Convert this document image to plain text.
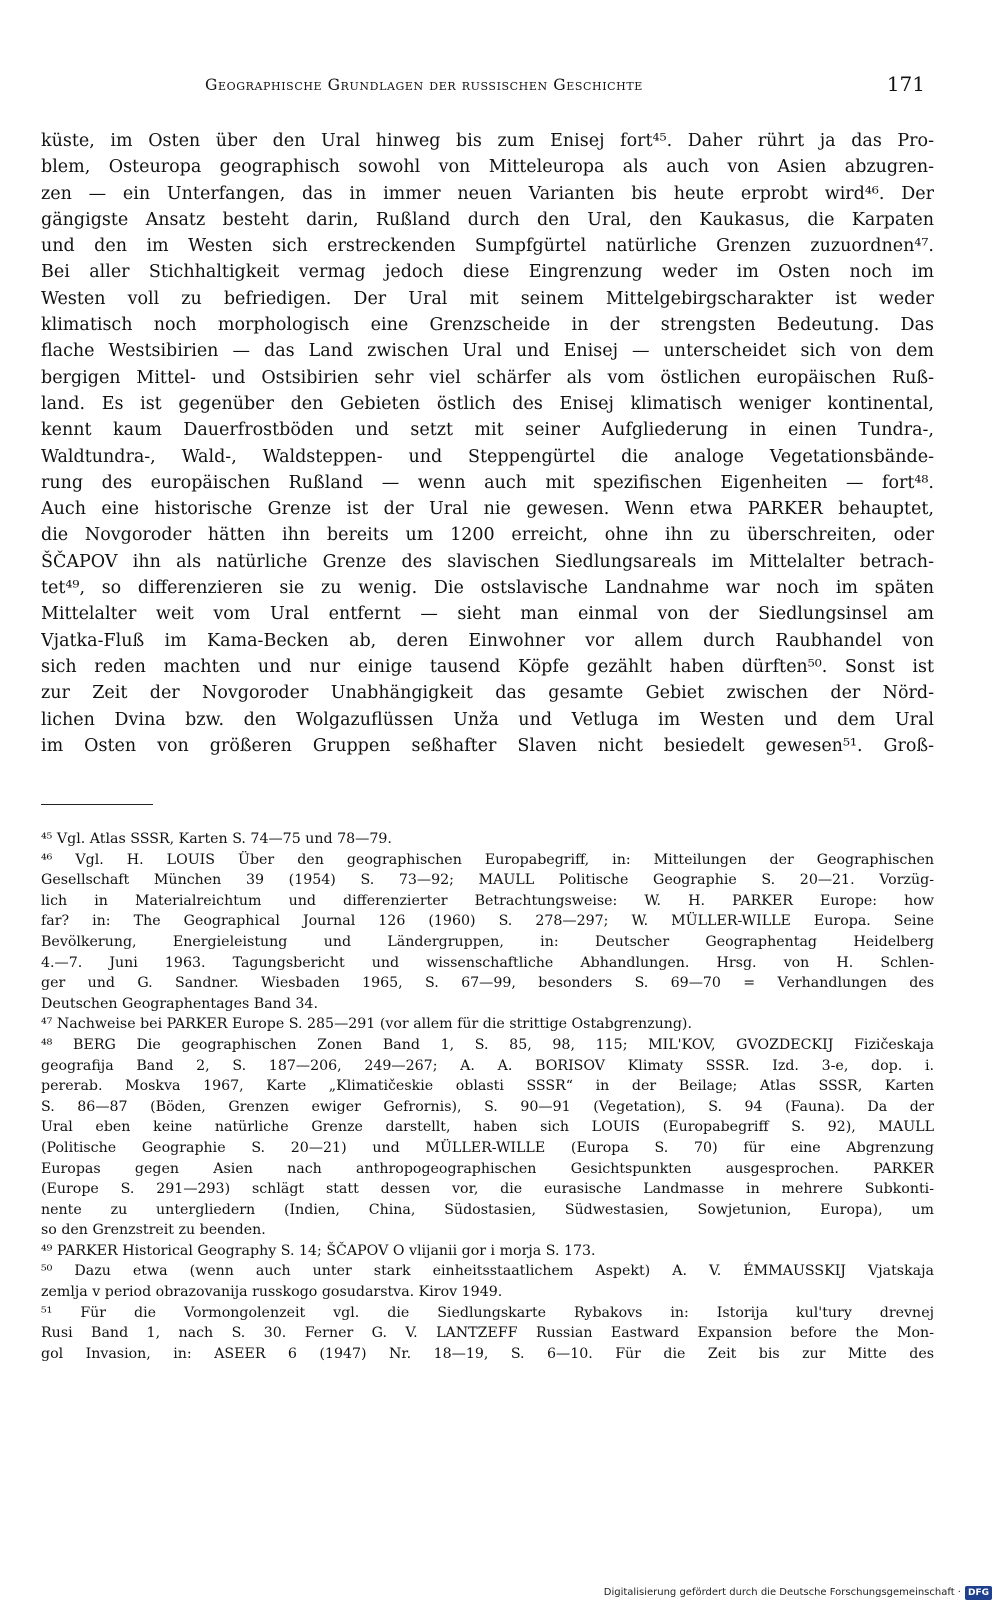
Geographische Grundlagen der russischen Geschichte	171
küste, im Osten über den Ural hinweg bis zum Enisej fort⁴⁵. Daher rührt ja das Pro-
blem, Osteuropa geographisch sowohl von Mitteleuropa als auch von Asien abzugren-
zen — ein Unterfangen, das in immer neuen Varianten bis heute erprobt wird⁴⁶. Der
gängigste Ansatz besteht darin, Rußland durch den Ural, den Kaukasus, die Karpaten
und den im Westen sich erstreckenden Sumpfgürtel natürliche Grenzen zuzuordnen⁴⁷.
Bei aller Stichhaltigkeit vermag jedoch diese Eingrenzung weder im Osten noch im
Westen voll zu befriedigen. Der Ural mit seinem Mittelgebirgscharakter ist weder
klimatisch noch morphologisch eine Grenzscheide in der strengsten Bedeutung. Das
flache Westsibirien — das Land zwischen Ural und Enisej — unterscheidet sich von dem
bergigen Mittel- und Ostsibirien sehr viel schärfer als vom östlichen europäischen Ruß-
land. Es ist gegenüber den Gebieten östlich des Enisej klimatisch weniger kontinental,
kennt kaum Dauerfrostböden und setzt mit seiner Aufgliederung in einen Tundra-,
Waldtundra-, Wald-, Waldsteppen- und Steppengürtel die analoge Vegetationsbände-
rung des europäischen Rußland — wenn auch mit spezifischen Eigenheiten — fort⁴⁸.
Auch eine historische Grenze ist der Ural nie gewesen. Wenn etwa PARKER behauptet,
die Novgoroder hätten ihn bereits um 1200 erreicht, ohne ihn zu überschreiten, oder
ŠČAPOV ihn als natürliche Grenze des slavischen Siedlungsareals im Mittelalter betrach-
tet⁴⁹, so differenzieren sie zu wenig. Die ostslavische Landnahme war noch im späten
Mittelalter weit vom Ural entfernt — sieht man einmal von der Siedlungsinsel am
Vjatka-Fluß im Kama-Becken ab, deren Einwohner vor allem durch Raubhandel von
sich reden machten und nur einige tausend Köpfe gezählt haben dürften⁵⁰. Sonst ist
zur Zeit der Novgoroder Unabhängigkeit das gesamte Gebiet zwischen der Nörd-
lichen Dvina bzw. den Wolgazuflüssen Unža und Vetluga im Westen und dem Ural
im Osten von größeren Gruppen seßhafter Slaven nicht besiedelt gewesen⁵¹. Groß-
⁴⁵ Vgl. Atlas SSSR, Karten S. 74—75 und 78—79.
⁴⁶ Vgl. H. LOUIS Über den geographischen Europabegriff, in: Mitteilungen der Geographischen
Gesellschaft München 39 (1954) S. 73—92; MAULL Politische Geographie S. 20—21. Vorzüg-
lich in Materialreichtum und differenzierter Betrachtungsweise: W. H. PARKER Europe: how
far? in: The Geographical Journal 126 (1960) S. 278—297; W. MÜLLER-WILLE Europa. Seine
Bevölkerung, Energieleistung und Ländergruppen, in: Deutscher Geographentag Heidelberg
4.—7. Juni 1963. Tagungsbericht und wissenschaftliche Abhandlungen. Hrsg. von H. Schlen-
ger und G. Sandner. Wiesbaden 1965, S. 67—99, besonders S. 69—70 = Verhandlungen des
Deutschen Geographentages Band 34.
⁴⁷ Nachweise bei PARKER Europe S. 285—291 (vor allem für die strittige Ostabgrenzung).
⁴⁸ BERG Die geographischen Zonen Band 1, S. 85, 98, 115; MIL'KOV, GVOZDECKIJ Fizičeskaja
geografija Band 2, S. 187—206, 249—267; A. A. BORISOV Klimaty SSSR. Izd. 3-e, dop. i.
pererab. Moskva 1967, Karte „Klimatičeskie oblasti SSSR“ in der Beilage; Atlas SSSR, Karten
S. 86—87 (Böden, Grenzen ewiger Gefrornis), S. 90—91 (Vegetation), S. 94 (Fauna). Da der
Ural eben keine natürliche Grenze darstellt, haben sich LOUIS (Europabegriff S. 92), MAULL
(Politische Geographie S. 20—21) und MÜLLER-WILLE (Europa S. 70) für eine Abgrenzung
Europas gegen Asien nach anthropogeographischen Gesichtspunkten ausgesprochen. PARKER
(Europe S. 291—293) schlägt statt dessen vor, die eurasische Landmasse in mehrere Subkonti-
nente zu untergliedern (Indien, China, Südostasien, Südwestasien, Sowjetunion, Europa), um
so den Grenzstreit zu beenden.
⁴⁹ PARKER Historical Geography S. 14; ŠČAPOV O vlijanii gor i morja S. 173.
⁵⁰ Dazu etwa (wenn auch unter stark einheitsstaatlichem Aspekt) A. V. ÉMMAUSSKIJ Vjatskaja
zemlja v period obrazovanija russkogo gosudarstva. Kirov 1949.
⁵¹ Für die Vormongolenzeit vgl. die Siedlungskarte Rybakovs in: Istorija kul'tury drevnej
Rusi Band 1, nach S. 30. Ferner G. V. LANTZEFF Russian Eastward Expansion before the Mon-
gol Invasion, in: ASEER 6 (1947) Nr. 18—19, S. 6—10. Für die Zeit bis zur Mitte des
Digitalisierung gefördert durch die Deutsche Forschungsgemeinschaft · DFG
